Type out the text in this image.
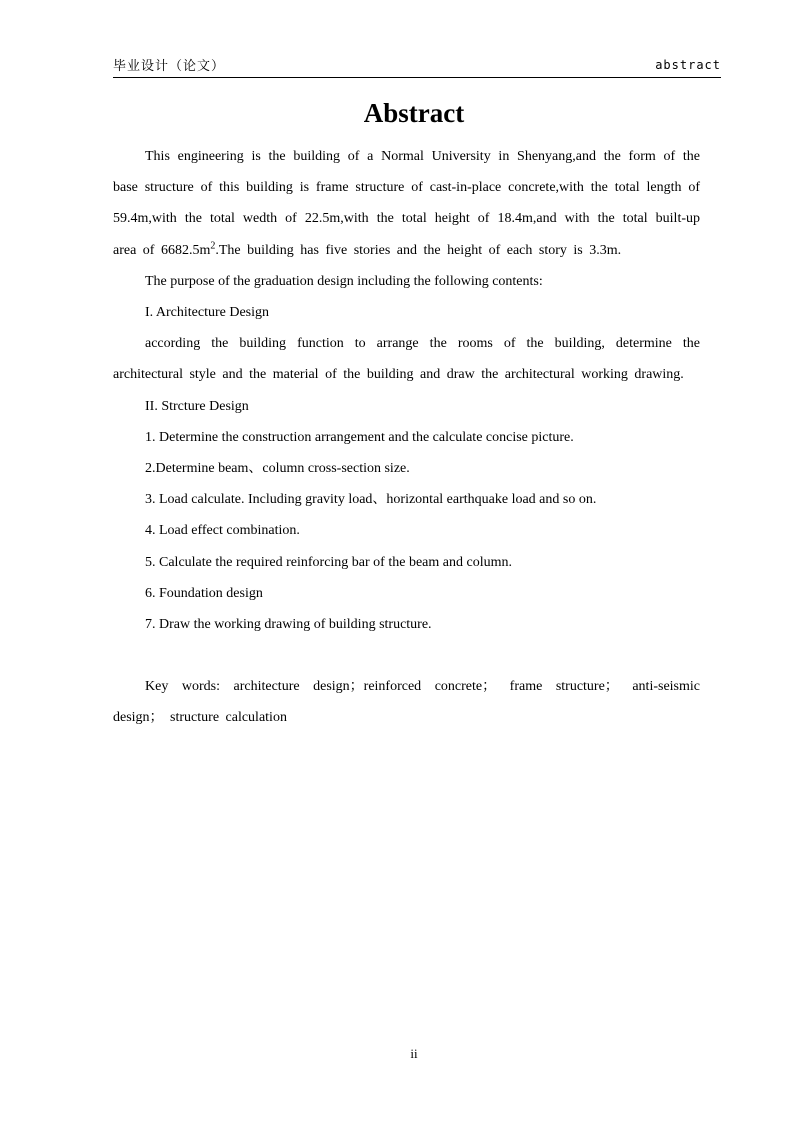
毕业设计（论文）	abstract
Abstract

This engineering is the building of a Normal University in Shenyang,and the form of the base structure of this building is frame structure of cast-in-place concrete,with the total length of 59.4m,with the total wedth of 22.5m,with the total height of 18.4m,and with the total built-up area of $6682.5m^2.The$ building has five stories and the height of each story is 3.3m.

The purpose of the graduation design including the following contents:

I. Architecture Design

according the building function to arrange the rooms of the building, determine the architectural style and the material of the building and draw the architectural working drawing.

II. Strcture Design

1. Determine the construction arrangement and the calculate concise picture.

2.Determine beam、column cross-section size.

3. Load calculate. Including gravity load、horizontal earthquake load and so on.

4. Load effect combination.

5. Calculate the required reinforcing bar of the beam and column.

6. Foundation design

7. Draw the working drawing of building structure.

Key words: architecture design；reinforced concrete； frame structure； anti-seismic design； structure calculation

ii
